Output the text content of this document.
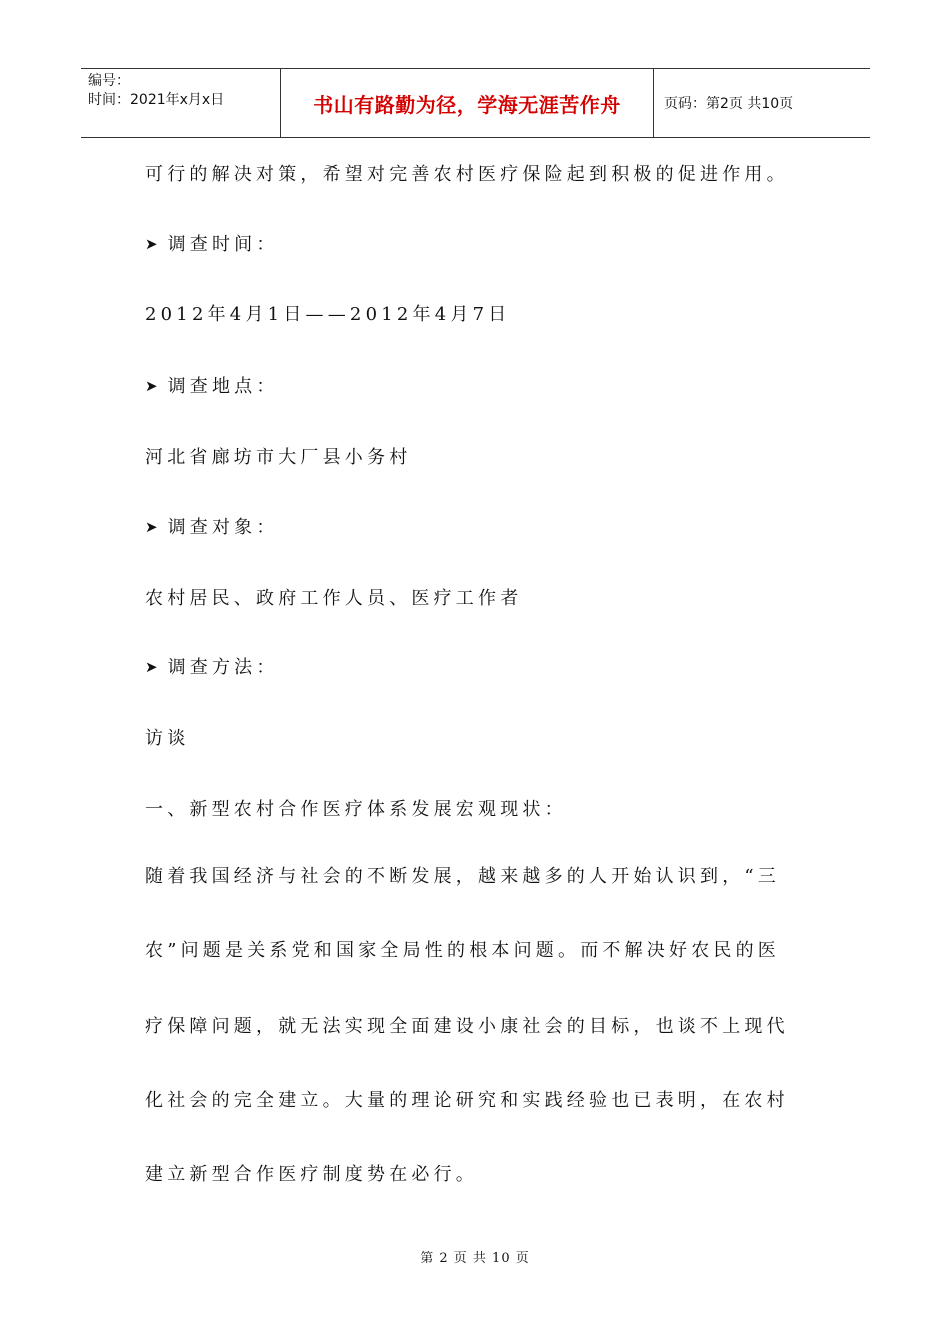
编号：
时间：2021年x月x日	书山有路勤为径，学海无涯苦作舟	页码：第2页 共10页
可行的解决对策，希望对完善农村医疗保险起到积极的促进作用。
➤ 调查时间：
2012年4月1日——2012年4月7日
➤ 调查地点：
河北省廊坊市大厂县小务村
➤ 调查对象：
农村居民、政府工作人员、医疗工作者
➤ 调查方法：
访谈
一、新型农村合作医疗体系发展宏观现状：
随着我国经济与社会的不断发展，越来越多的人开始认识到，“三
农”问题是关系党和国家全局性的根本问题。而不解决好农民的医
疗保障问题，就无法实现全面建设小康社会的目标，也谈不上现代
化社会的完全建立。大量的理论研究和实践经验也已表明，在农村
建立新型合作医疗制度势在必行。
第 2 页 共 10 页
